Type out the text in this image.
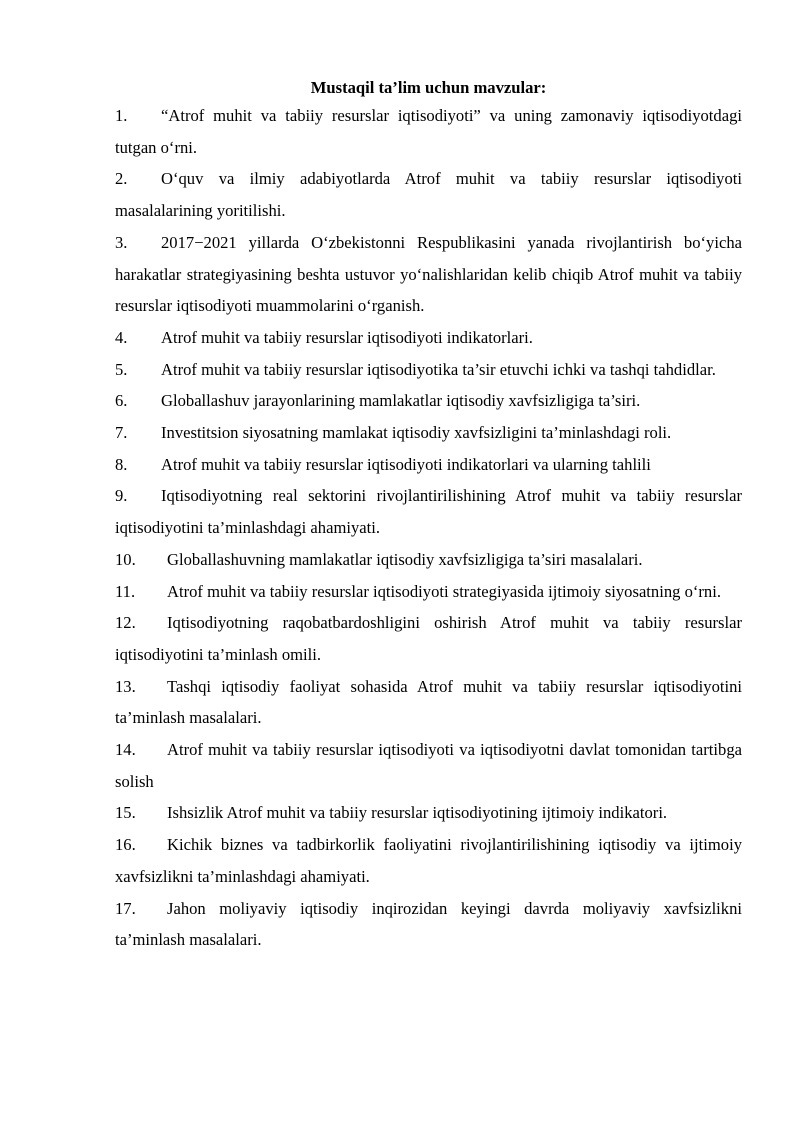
Mustaqil ta’lim uchun mavzular:

1. “Atrof muhit va tabiiy resurslar iqtisodiyoti” va uning zamonaviy iqtisodiyotdagi tutgan o‘rni.

2. O‘quv va ilmiy adabiyotlarda Atrof muhit va tabiiy resurslar iqtisodiyoti masalalarining yoritilishi.

3. 2017−2021 yillarda O‘zbekistonni Respublikasini yanada rivojlantirish bo‘yicha harakatlar strategiyasining beshta ustuvor yo‘nalishlaridan kelib chiqib Atrof muhit va tabiiy resurslar iqtisodiyoti muammolarini o‘rganish.

4. Atrof muhit va tabiiy resurslar iqtisodiyoti indikatorlari.

5. Atrof muhit va tabiiy resurslar iqtisodiyotika ta’sir etuvchi ichki va tashqi tahdidlar.

6. Globallashuv jarayonlarining mamlakatlar iqtisodiy xavfsizligiga ta’siri.

7. Investitsion siyosatning mamlakat iqtisodiy xavfsizligini ta’minlashdagi roli.

8. Atrof muhit va tabiiy resurslar iqtisodiyoti indikatorlari va ularning tahlili

9. Iqtisodiyotning real sektorini rivojlantirilishining Atrof muhit va tabiiy resurslar iqtisodiyotini ta’minlashdagi ahamiyati.

10. Globallashuvning mamlakatlar iqtisodiy xavfsizligiga ta’siri masalalari.

11. Atrof muhit va tabiiy resurslar iqtisodiyoti strategiyasida ijtimoiy siyosatning o‘rni.

12. Iqtisodiyotning raqobatbardoshligini oshirish Atrof muhit va tabiiy resurslar iqtisodiyotini ta’minlash omili.

13. Tashqi iqtisodiy faoliyat sohasida Atrof muhit va tabiiy resurslar iqtisodiyotini ta’minlash masalalari.

14. Atrof muhit va tabiiy resurslar iqtisodiyoti va iqtisodiyotni davlat tomonidan tartibga solish

15. Ishsizlik Atrof muhit va tabiiy resurslar iqtisodiyotining ijtimoiy indikatori.

16. Kichik biznes va tadbirkorlik faoliyatini rivojlantirilishining iqtisodiy va ijtimoiy xavfsizlikni ta’minlashdagi ahamiyati.

17. Jahon moliyaviy iqtisodiy inqirozidan keyingi davrda moliyaviy xavfsizlikni ta’minlash masalalari.
